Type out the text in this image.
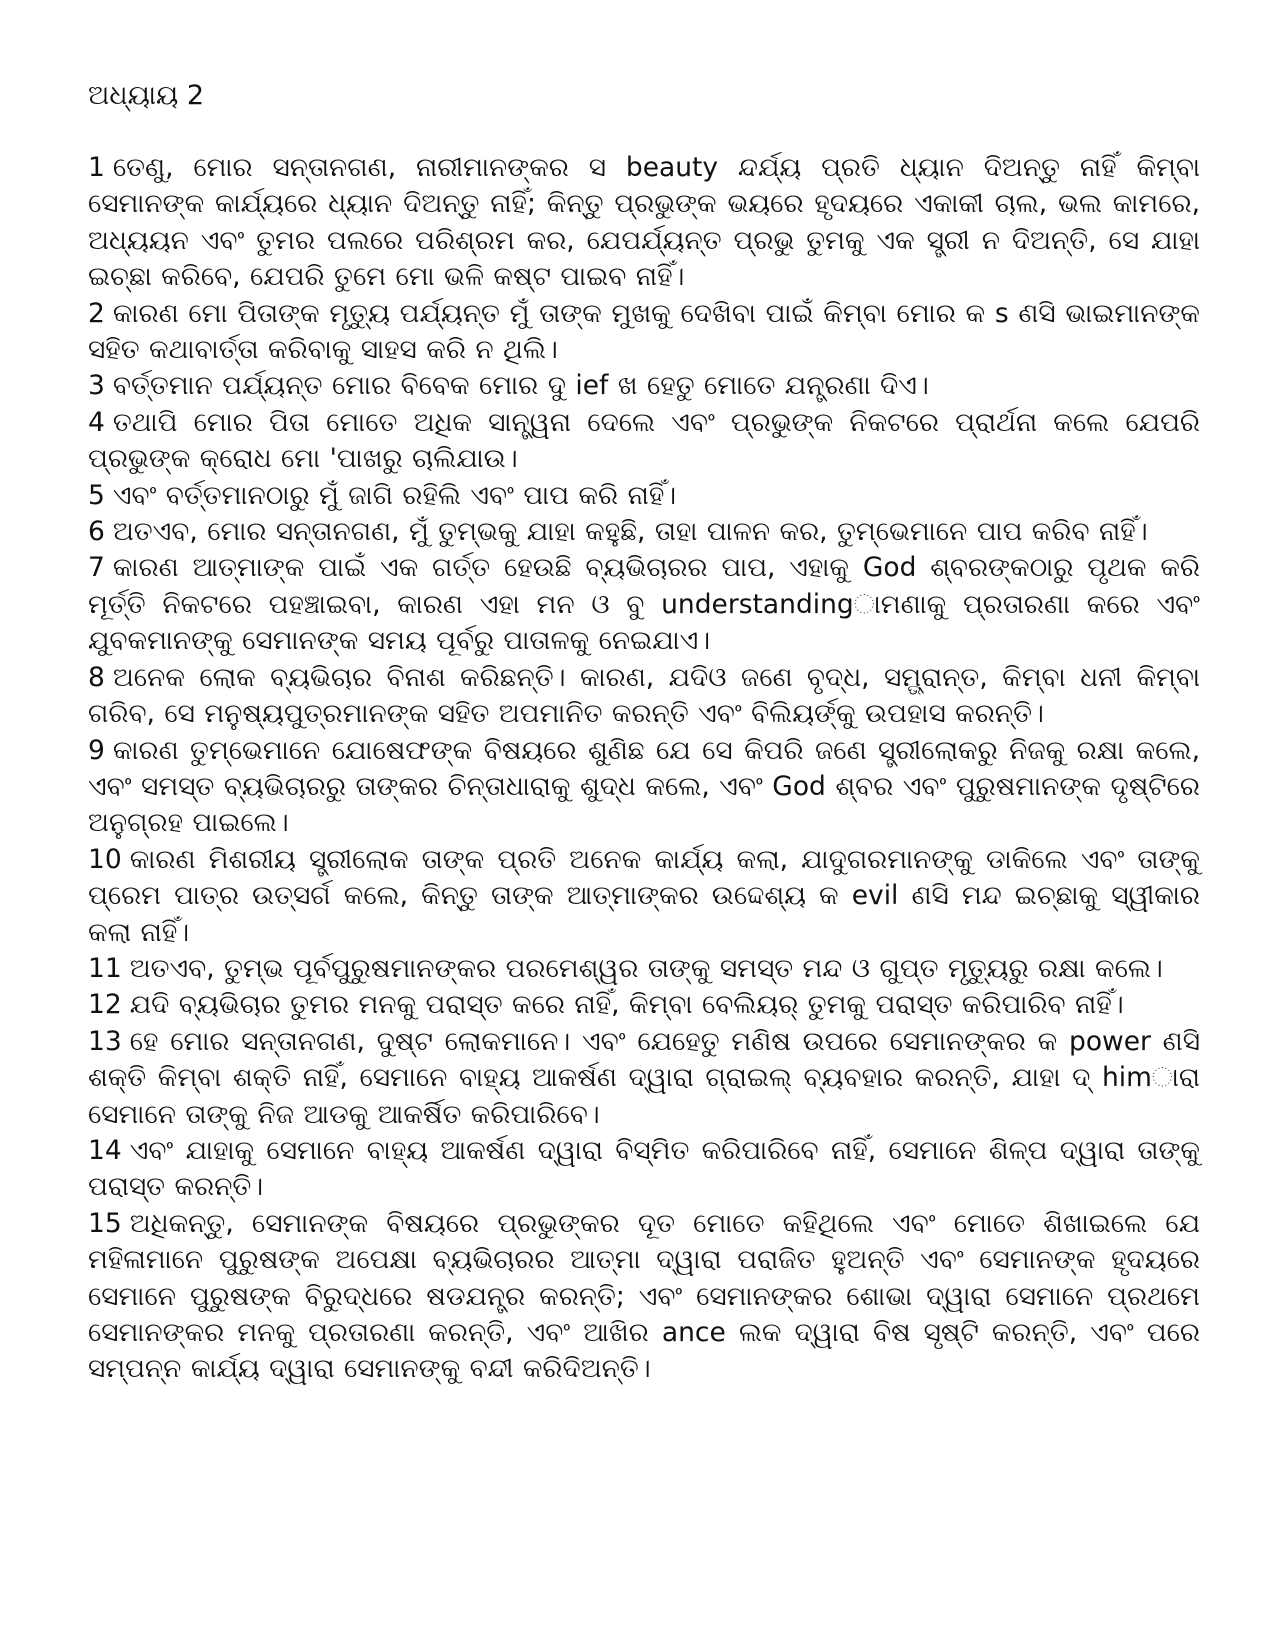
ଅଧ୍ୟାୟ 2

1 ତେଣୁ, ମୋର ସନ୍ତାନଗଣ, ନାରୀମାନଙ୍କର ସ beauty ନ୍ଦର୍ଯ୍ୟ ପ୍ରତି ଧ୍ୟାନ ଦିଅନ୍ତୁ ନାହିଁ କିମ୍ବା ସେମାନଙ୍କ କାର୍ଯ୍ୟରେ ଧ୍ୟାନ ଦିଅନ୍ତୁ ନାହିଁ; କିନ୍ତୁ ପ୍ରଭୁଙ୍କ ଭୟରେ ହୃଦୟରେ ଏକାକୀ ଚାଲ, ଭଲ କାମରେ, ଅଧ୍ୟୟନ ଏବଂ ତୁମର ପଲରେ ପରିଶ୍ରମ କର, ଯେପର୍ଯ୍ୟନ୍ତ ପ୍ରଭୁ ତୁମକୁ ଏକ ସ୍ତ୍ରୀ ନ ଦିଅନ୍ତି, ସେ ଯାହା ଇଚ୍ଛା କରିବେ, ଯେପରି ତୁମେ ମୋ ଭଳି କଷ୍ଟ ପାଇବ ନାହିଁ।

2 କାରଣ ମୋ ପିତାଙ୍କ ମୃତ୍ୟୁ ପର୍ଯ୍ୟନ୍ତ ମୁଁ ତାଙ୍କ ମୁଖକୁ ଦେଖିବା ପାଇଁ କିମ୍ବା ମୋର କ s ଣସି ଭାଇମାନଙ୍କ ସହିତ କଥାବାର୍ତ୍ତା କରିବାକୁ ସାହସ କରି ନ ଥିଲି।

3 ବର୍ତ୍ତମାନ ପର୍ଯ୍ୟନ୍ତ ମୋର ବିବେକ ମୋର ଦୁ ief ଖ ହେତୁ ମୋତେ ଯନ୍ତ୍ରଣା ଦିଏ।

4 ତଥାପି ମୋର ପିତା ମୋତେ ଅଧିକ ସାନ୍ତ୍ୱନା ଦେଲେ ଏବଂ ପ୍ରଭୁଙ୍କ ନିକଟରେ ପ୍ରାର୍ଥନା କଲେ ଯେପରି ପ୍ରଭୁଙ୍କ କ୍ରୋଧ ମୋ 'ପାଖରୁ ଚାଲିଯାଉ।

5 ଏବଂ ବର୍ତ୍ତମାନଠାରୁ ମୁଁ ଜାଗି ରହିଲି ଏବଂ ପାପ କରି ନାହିଁ।

6 ଅତଏବ, ମୋର ସନ୍ତାନଗଣ, ମୁଁ ତୁମ୍ଭକୁ ଯାହା କହୁଛି, ତାହା ପାଳନ କର, ତୁମ୍ଭେମାନେ ପାପ କରିବ ନାହିଁ।

7 କାରଣ ଆତ୍ମାଙ୍କ ପାଇଁ ଏକ ଗର୍ତ୍ତ ହେଉଛି ବ୍ୟଭିଚାରର ପାପ, ଏହାକୁ God ଶ୍ବରଙ୍କଠାରୁ ପୃଥକ କରି ମୂର୍ତ୍ତି ନିକଟରେ ପହଞ୍ଚାଇବା, କାରଣ ଏହା ମନ ଓ ବୁ understandingାମଣାକୁ ପ୍ରତାରଣା କରେ ଏବଂ ଯୁବକମାନଙ୍କୁ ସେମାନଙ୍କ ସମୟ ପୂର୍ବରୁ ପାତାଳକୁ ନେଇଯାଏ।

8 ଅନେକ ଲୋକ ବ୍ୟଭିଚାର ବିନାଶ କରିଛନ୍ତି। କାରଣ, ଯଦିଓ ଜଣେ ବୃଦ୍ଧ, ସମ୍ଭ୍ରାନ୍ତ, କିମ୍ବା ଧନୀ କିମ୍ବା ଗରିବ, ସେ ମନୁଷ୍ୟପୁତ୍ରମାନଙ୍କ ସହିତ ଅପମାନିତ କରନ୍ତି ଏବଂ ବିଲିୟର୍ଙ୍କୁ ଉପହାସ କରନ୍ତି।

9 କାରଣ ତୁମ୍ଭେମାନେ ଯୋଷେଫଙ୍କ ବିଷୟରେ ଶୁଣିଛ ଯେ ସେ କିପରି ଜଣେ ସ୍ତ୍ରୀଲୋକରୁ ନିଜକୁ ରକ୍ଷା କଲେ, ଏବଂ ସମସ୍ତ ବ୍ୟଭିଚାରରୁ ତାଙ୍କର ଚିନ୍ତାଧାରାକୁ ଶୁଦ୍ଧ କଲେ, ଏବଂ God ଶ୍ବର ଏବଂ ପୁରୁଷମାନଙ୍କ ଦୃଷ୍ଟିରେ ଅନୁଗ୍ରହ ପାଇଲେ।

10 କାରଣ ମିଶରୀୟ ସ୍ତ୍ରୀଲୋକ ତାଙ୍କ ପ୍ରତି ଅନେକ କାର୍ଯ୍ୟ କଲା, ଯାଦୁଗରମାନଙ୍କୁ ଡାକିଲେ ଏବଂ ତାଙ୍କୁ ପ୍ରେମ ପାତ୍ର ଉତ୍ସର୍ଗ କଲେ, କିନ୍ତୁ ତାଙ୍କ ଆତ୍ମାଙ୍କର ଉଦ୍ଦେଶ୍ୟ କ evil ଣସି ମନ୍ଦ ଇଚ୍ଛାକୁ ସ୍ୱୀକାର କଲା ନାହିଁ।

11 ଅତଏବ, ତୁମ୍ଭ ପୂର୍ବପୁରୁଷମାନଙ୍କର ପରମେଶ୍ୱର ତାଙ୍କୁ ସମସ୍ତ ମନ୍ଦ ଓ ଗୁପ୍ତ ମୃତ୍ୟୁରୁ ରକ୍ଷା କଲେ।

12 ଯଦି ବ୍ୟଭିଚାର ତୁମର ମନକୁ ପରାସ୍ତ କରେ ନାହିଁ, କିମ୍ବା ବେଲିୟର୍ ତୁମକୁ ପରାସ୍ତ କରିପାରିବ ନାହିଁ।

13 ହେ ମୋର ସନ୍ତାନଗଣ, ଦୁଷ୍ଟ ଲୋକମାନେ। ଏବଂ ଯେହେତୁ ମଣିଷ ଉପରେ ସେମାନଙ୍କର କ power ଣସି ଶକ୍ତି କିମ୍ବା ଶକ୍ତି ନାହିଁ, ସେମାନେ ବାହ୍ୟ ଆକର୍ଷଣ ଦ୍ୱାରା ଗ୍ରାଇଲ୍ ବ୍ୟବହାର କରନ୍ତି, ଯାହା ଦ୍ himାରା ସେମାନେ ତାଙ୍କୁ ନିଜ ଆଡକୁ ଆକର୍ଷିତ କରିପାରିବେ।

14 ଏବଂ ଯାହାକୁ ସେମାନେ ବାହ୍ୟ ଆକର୍ଷଣ ଦ୍ୱାରା ବିସ୍ମିତ କରିପାରିବେ ନାହିଁ, ସେମାନେ ଶିଳ୍ପ ଦ୍ୱାରା ତାଙ୍କୁ ପରାସ୍ତ କରନ୍ତି।

15 ଅଧିକନ୍ତୁ, ସେମାନଙ୍କ ବିଷୟରେ ପ୍ରଭୁଙ୍କର ଦୂତ ମୋତେ କହିଥିଲେ ଏବଂ ମୋତେ ଶିଖାଇଲେ ଯେ ମହିଳାମାନେ ପୁରୁଷଙ୍କ ଅପେକ୍ଷା ବ୍ୟଭିଚାରର ଆତ୍ମା ଦ୍ୱାରା ପରାଜିତ ହୁଅନ୍ତି ଏବଂ ସେମାନଙ୍କ ହୃଦୟରେ ସେମାନେ ପୁରୁଷଙ୍କ ବିରୁଦ୍ଧରେ ଷଡଯନ୍ତ୍ର କରନ୍ତି; ଏବଂ ସେମାନଙ୍କର ଶୋଭା ଦ୍ୱାରା ସେମାନେ ପ୍ରଥମେ ସେମାନଙ୍କର ମନକୁ ପ୍ରତାରଣା କରନ୍ତି, ଏବଂ ଆଖିର ance ଲକ ଦ୍ୱାରା ବିଷ ସୃଷ୍ଟି କରନ୍ତି, ଏବଂ ପରେ ସମ୍ପନ୍ନ କାର୍ଯ୍ୟ ଦ୍ୱାରା ସେମାନଙ୍କୁ ବନ୍ଦୀ କରିଦିଅନ୍ତି।
